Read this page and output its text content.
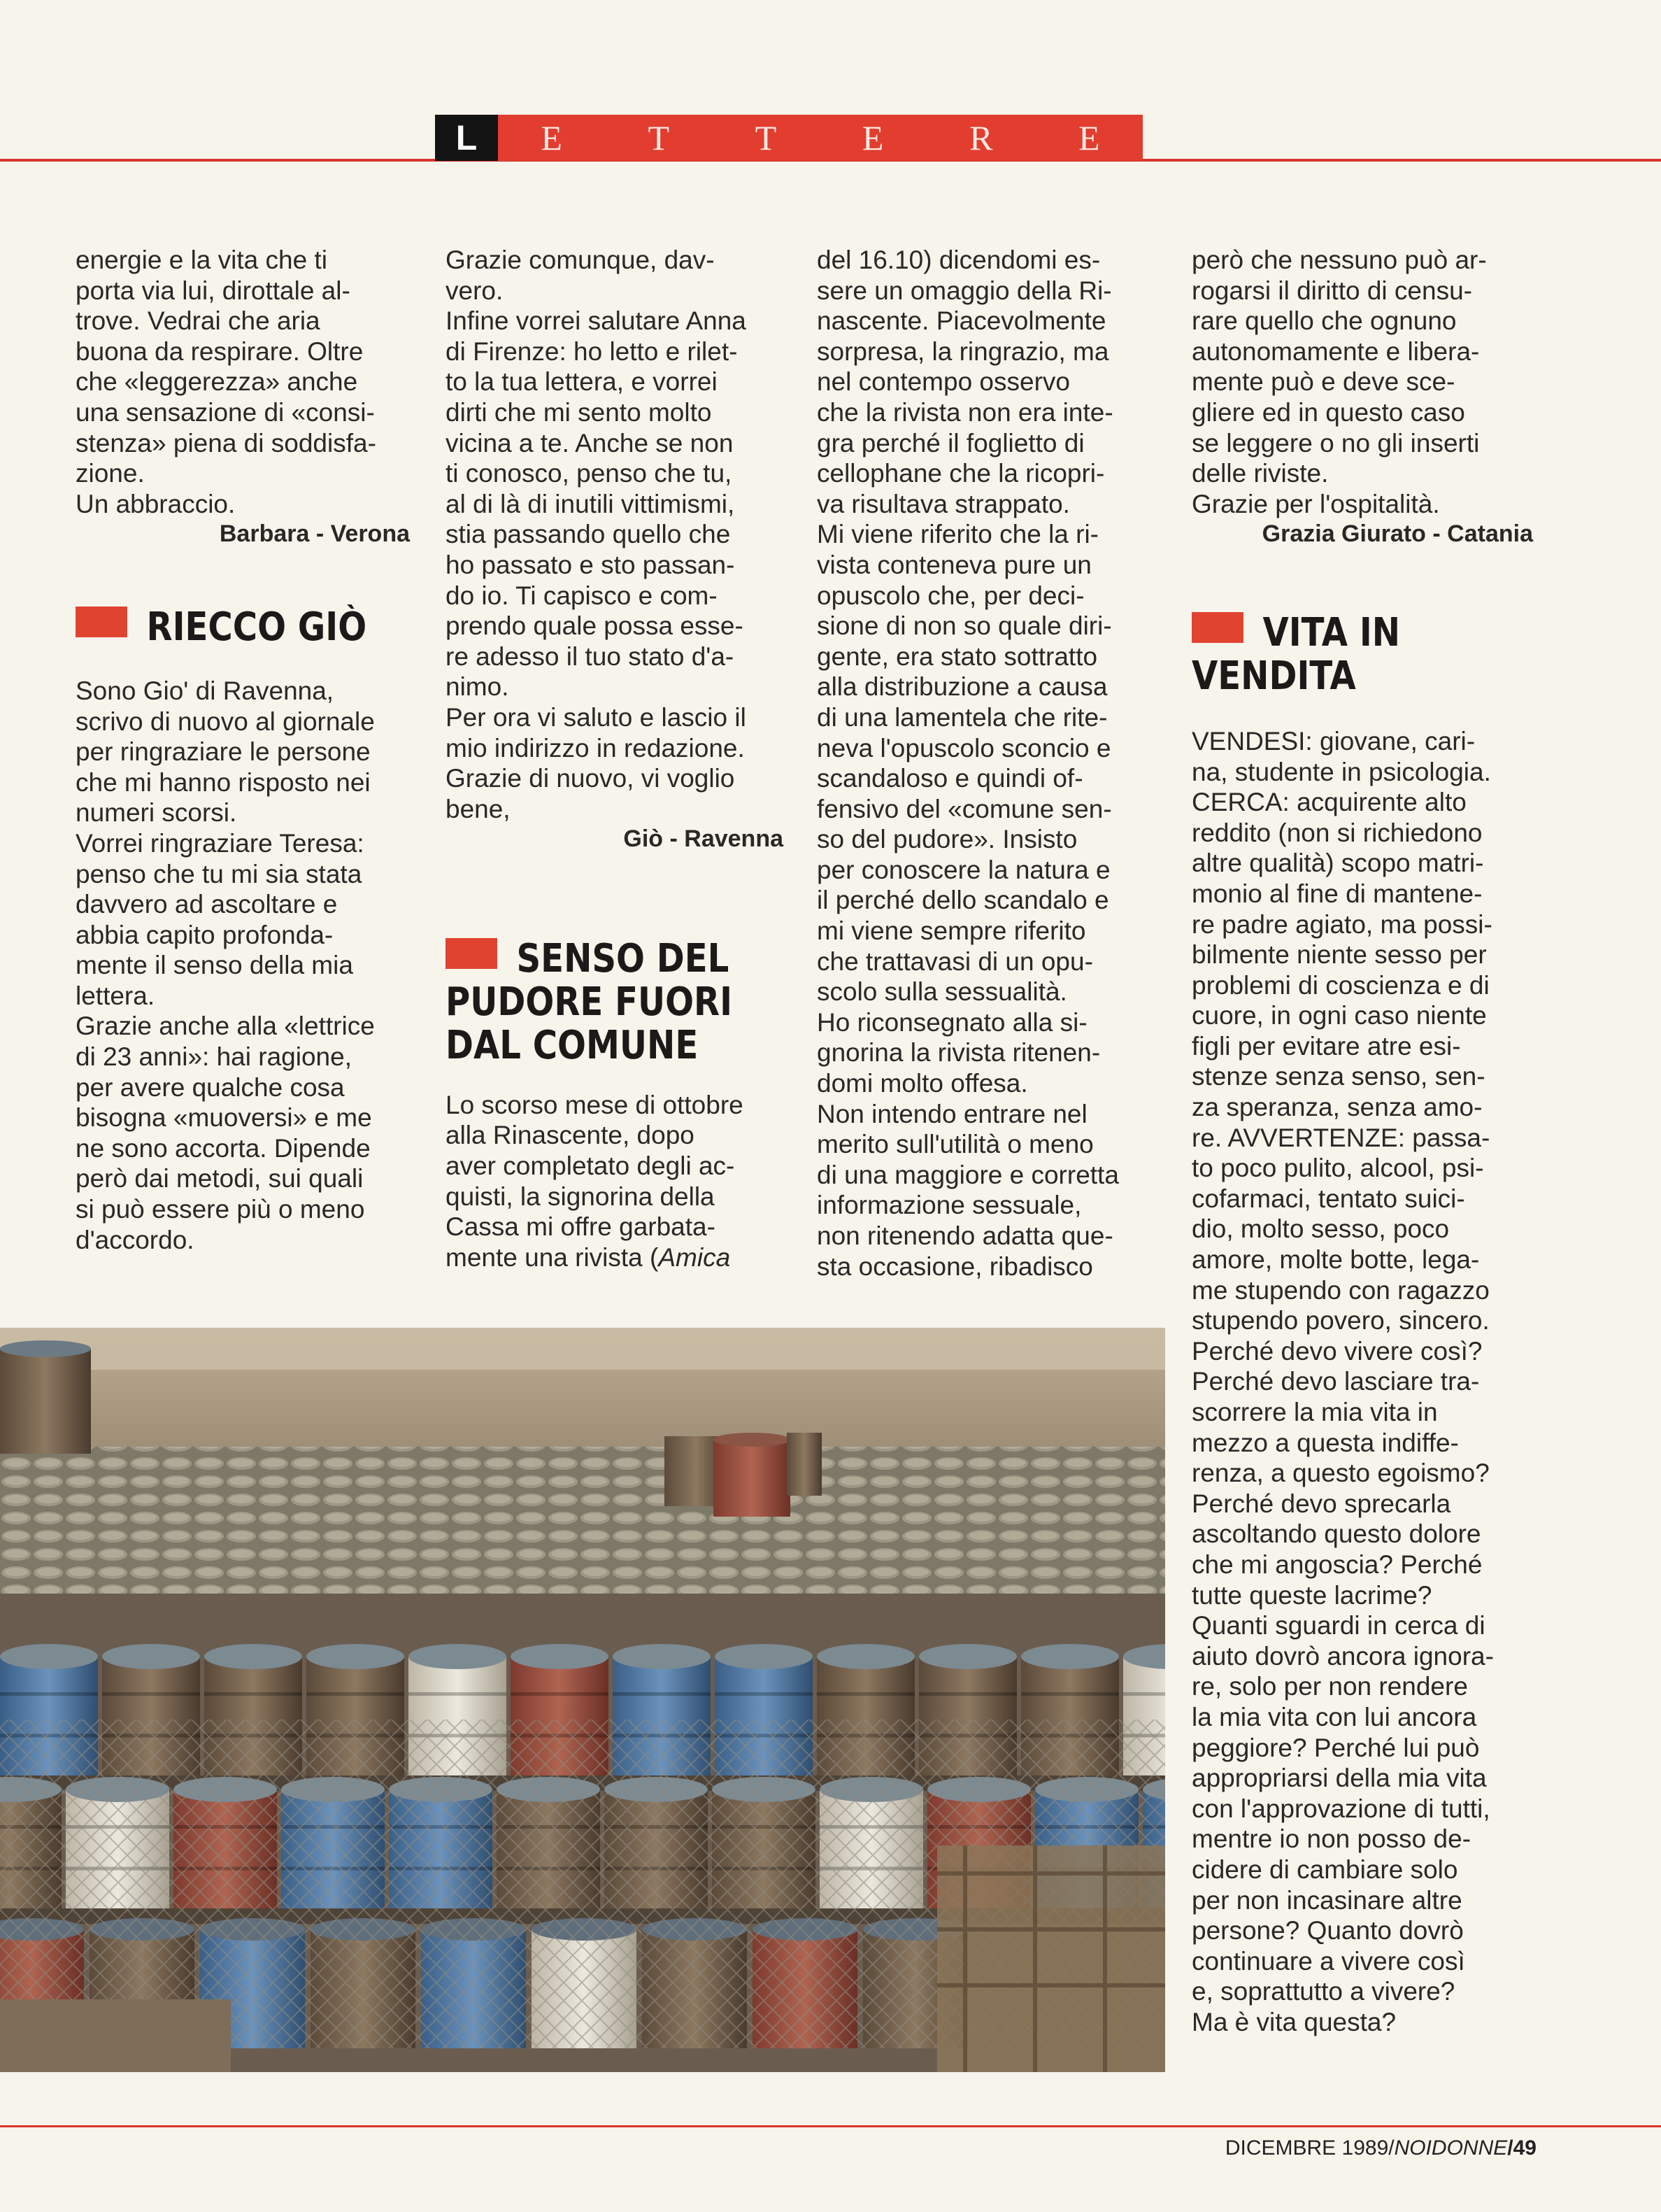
L	E T T E R E

energie e la vita che ti

porta via lui, dirottale al-

trove. Vedrai che aria

buona da respirare. Oltre

che «leggerezza» anche

una sensazione di «consi-

stenza» piena di soddisfa-

zione.

Un abbraccio.

Barbara - Verona
RIECCO GIÒ

Sono Gio' di Ravenna,

scrivo di nuovo al giornale

per ringraziare le persone

che mi hanno risposto nei

numeri scorsi.

Vorrei ringraziare Teresa:

penso che tu mi sia stata

davvero ad ascoltare e

abbia capito profonda-

mente il senso della mia

lettera.

Grazie anche alla «lettrice

di 23 anni»: hai ragione,

per avere qualche cosa

bisogna «muoversi» e me

ne sono accorta. Dipende

però dai metodi, sui quali

si può essere più o meno

d'accordo.

Grazie comunque, dav-

vero.

Infine vorrei salutare Anna

di Firenze: ho letto e rilet-

to la tua lettera, e vorrei

dirti che mi sento molto

vicina a te. Anche se non

ti conosco, penso che tu,

al di là di inutili vittimismi,

stia passando quello che

ho passato e sto passan-

do io. Ti capisco e com-

prendo quale possa esse-

re adesso il tuo stato d'a-

nimo.

Per ora vi saluto e lascio il

mio indirizzo in redazione.

Grazie di nuovo, vi voglio

bene,

Giò - Ravenna
SENSO DEL
PUDORE FUORI
DAL COMUNE

Lo scorso mese di ottobre

alla Rinascente, dopo

aver completato degli ac-

quisti, la signorina della

Cassa mi offre garbata-

mente una rivista (Amica

del 16.10) dicendomi es-

sere un omaggio della Ri-

nascente. Piacevolmente

sorpresa, la ringrazio, ma

nel contempo osservo

che la rivista non era inte-

gra perché il foglietto di

cellophane che la ricopri-

va risultava strappato.

Mi viene riferito che la ri-

vista conteneva pure un

opuscolo che, per deci-

sione di non so quale diri-

gente, era stato sottratto

alla distribuzione a causa

di una lamentela che rite-

neva l'opuscolo sconcio e

scandaloso e quindi of-

fensivo del «comune sen-

so del pudore». Insisto

per conoscere la natura e

il perché dello scandalo e

mi viene sempre riferito

che trattavasi di un opu-

scolo sulla sessualità.

Ho riconsegnato alla si-

gnorina la rivista ritenen-

domi molto offesa.

Non intendo entrare nel

merito sull'utilità o meno

di una maggiore e corretta

informazione sessuale,

non ritenendo adatta que-

sta occasione, ribadisco

però che nessuno può ar-

rogarsi il diritto di censu-

rare quello che ognuno

autonomamente e libera-

mente può e deve sce-

gliere ed in questo caso

se leggere o no gli inserti

delle riviste.

Grazie per l'ospitalità.

Grazia Giurato - Catania
VITA IN
VENDITA

VENDESI: giovane, cari-

na, studente in psicologia.

CERCA: acquirente alto

reddito (non si richiedono

altre qualità) scopo matri-

monio al fine di mantene-

re padre agiato, ma possi-

bilmente niente sesso per

problemi di coscienza e di

cuore, in ogni caso niente

figli per evitare atre esi-

stenze senza senso, sen-

za speranza, senza amo-

re. AVVERTENZE: passa-

to poco pulito, alcool, psi-

cofarmaci, tentato suici-

dio, molto sesso, poco

amore, molte botte, lega-

me stupendo con ragazzo

stupendo povero, sincero.

Perché devo vivere così?

Perché devo lasciare tra-

scorrere la mia vita in

mezzo a questa indiffe-

renza, a questo egoismo?

Perché devo sprecarla

ascoltando questo dolore

che mi angoscia? Perché

tutte queste lacrime?

Quanti sguardi in cerca di

aiuto dovrò ancora ignora-

re, solo per non rendere

la mia vita con lui ancora

peggiore? Perché lui può

appropriarsi della mia vita

con l'approvazione di tutti,

mentre io non posso de-

cidere di cambiare solo

per non incasinare altre

persone? Quanto dovrò

continuare a vivere così

e, soprattutto a vivere?

Ma è vita questa?

DICEMBRE 1989/NOIDONNE/49
